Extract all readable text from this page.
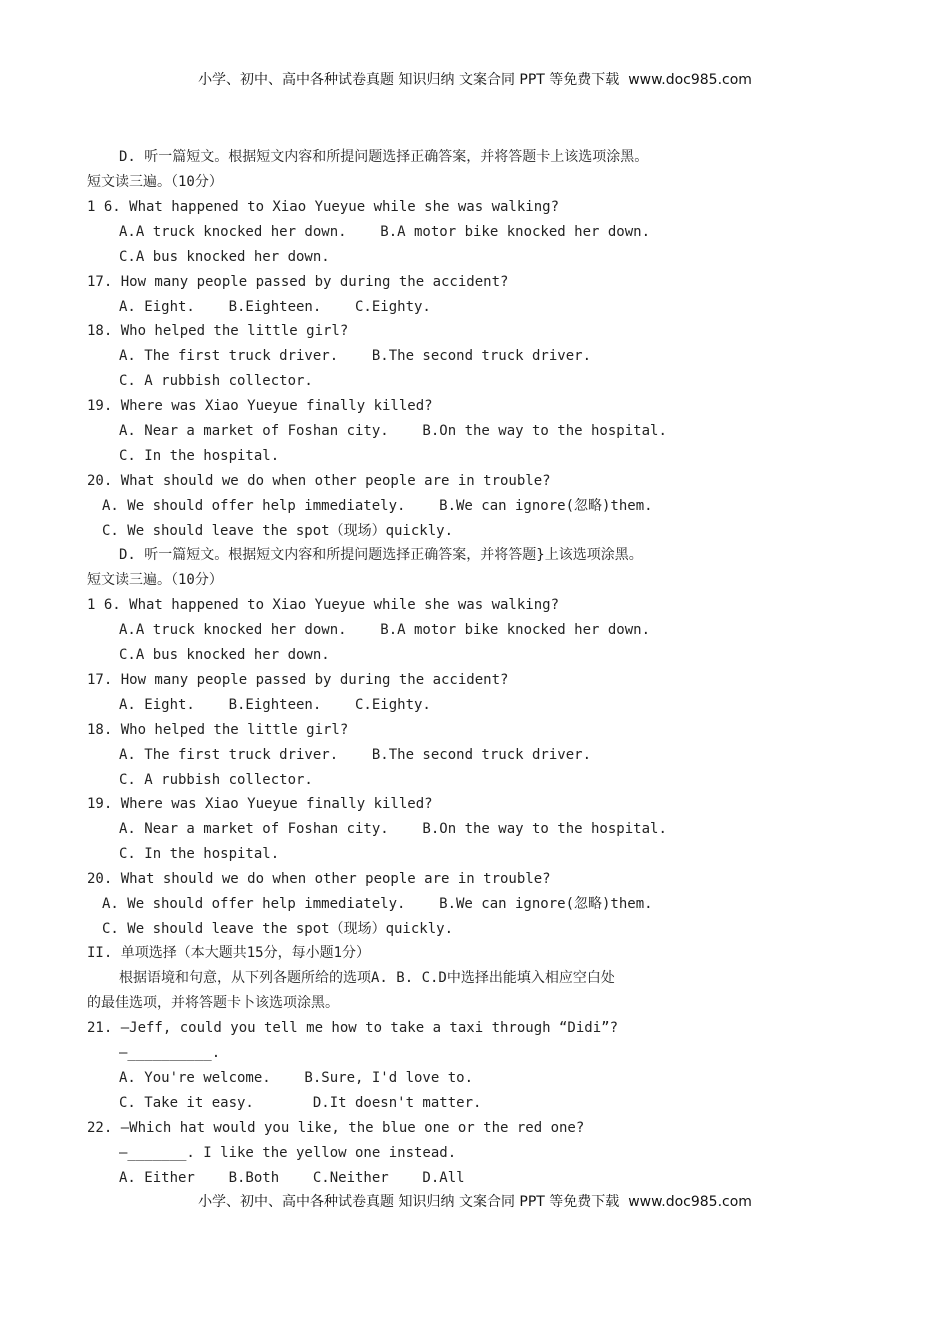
小学、初中、高中各种试卷真题 知识归纳 文案合同 PPT 等免费下载  www.doc985.com
D. 听一篇短文。根据短文内容和所提问题选择正确答案，并将答题卡上该选项涂黑。
短文读三遍。（10分）
1 6. What happened to Xiao Yueyue while she was walking?
A.A truck knocked her down.    B.A motor bike knocked her down.
C.A bus knocked her down.
17. How many people passed by during the accident?
A. Eight.    B.Eighteen.    C.Eighty.
18. Who helped the little girl?
A. The first truck driver.    B.The second truck driver.
C. A rubbish collector.
19. Where was Xiao Yueyue finally killed?
A. Near a market of Foshan city.    B.On the way to the hospital.
C. In the hospital.
20. What should we do when other people are in trouble?
A. We should offer help immediately.    B.We can ignore(忽略)them.
C. We should leave the spot（现场）quickly.
D. 听一篇短文。根据短文内容和所提问题选择正确答案，并将答题}上该选项涂黑。
短文读三遍。（10分）
1 6. What happened to Xiao Yueyue while she was walking?
A.A truck knocked her down.    B.A motor bike knocked her down.
C.A bus knocked her down.
17. How many people passed by during the accident?
A. Eight.    B.Eighteen.    C.Eighty.
18. Who helped the little girl?
A. The first truck driver.    B.The second truck driver.
C. A rubbish collector.
19. Where was Xiao Yueyue finally killed?
A. Near a market of Foshan city.    B.On the way to the hospital.
C. In the hospital.
20. What should we do when other people are in trouble?
A. We should offer help immediately.    B.We can ignore(忽略)them.
C. We should leave the spot（现场）quickly.
II. 单项选择（本大题共15分，每小题1分）
根据语境和句意，从下列各题所给的选项A. B. C.D中选择出能填入相应空白处
的最佳选项，并将答题卡卜该选项涂黑。
21. —Jeff, could you tell me how to take a taxi through “Didi”?
—__________.
A. You're welcome.    B.Sure, I'd love to.
C. Take it easy.       D.It doesn't matter.
22. —Which hat would you like, the blue one or the red one?
—_______. I like the yellow one instead.
A. Either    B.Both    C.Neither    D.All
小学、初中、高中各种试卷真题 知识归纳 文案合同 PPT 等免费下载  www.doc985.com
